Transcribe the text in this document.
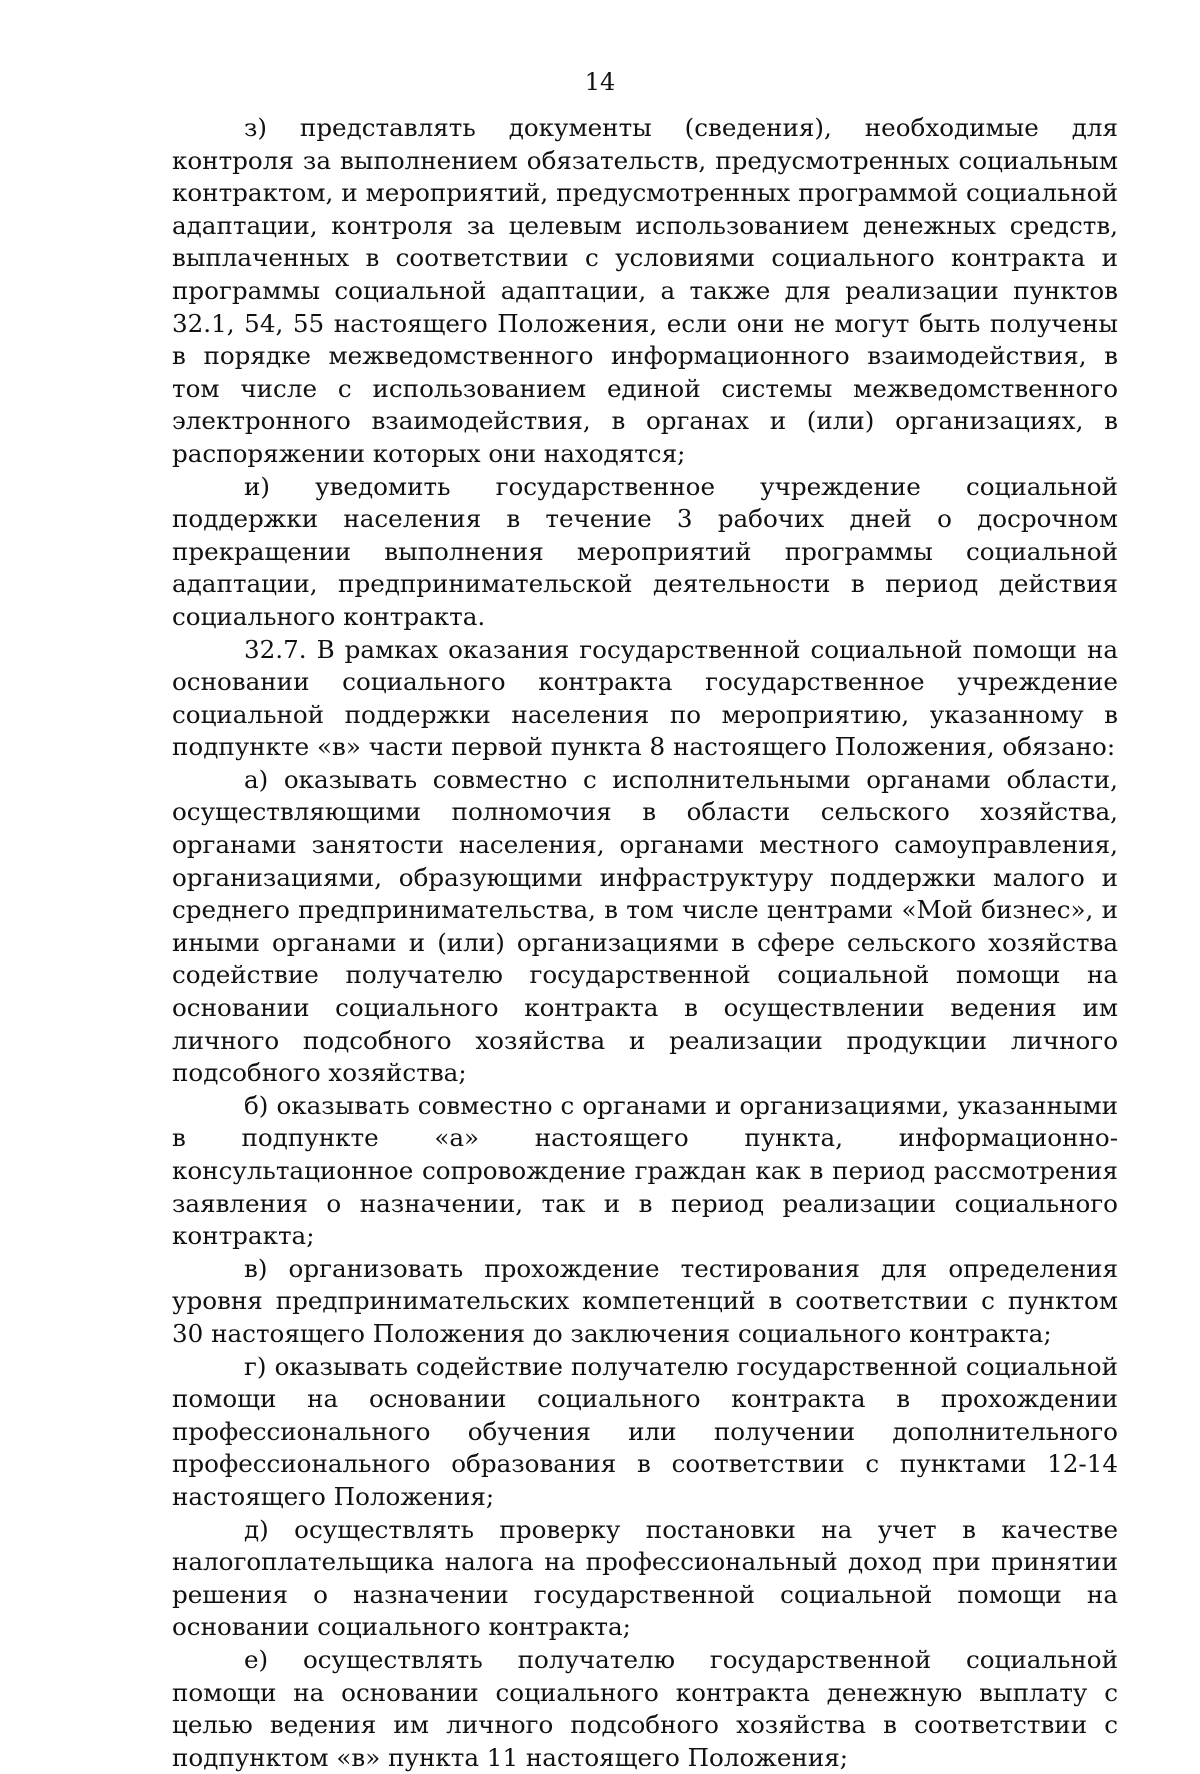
14

з) представлять документы (сведения), необходимые для контроля за выполнением обязательств, предусмотренных социальным контрактом, и мероприятий, предусмотренных программой социальной адаптации, контроля за целевым использованием денежных средств, выплаченных в соответствии с условиями социального контракта и программы социальной адаптации, а также для реализации пунктов 32.1, 54, 55 настоящего Положения, если они не могут быть получены в порядке межведомственного информационного взаимодействия, в том числе с использованием единой системы межведомственного электронного взаимодействия, в органах и (или) организациях, в распоряжении которых они находятся;

и) уведомить государственное учреждение социальной поддержки населения в течение 3 рабочих дней о досрочном прекращении выполнения мероприятий программы социальной адаптации, предпринимательской деятельности в период действия социального контракта.

32.7. В рамках оказания государственной социальной помощи на основании социального контракта государственное учреждение социальной поддержки населения по мероприятию, указанному в подпункте «в» части первой пункта 8 настоящего Положения, обязано:

а) оказывать совместно с исполнительными органами области, осуществляющими полномочия в области сельского хозяйства, органами занятости населения, органами местного самоуправления, организациями, образующими инфраструктуру поддержки малого и среднего предпринимательства, в том числе центрами «Мой бизнес», и иными органами и (или) организациями в сфере сельского хозяйства содействие получателю государственной социальной помощи на основании социального контракта в осуществлении ведения им личного подсобного хозяйства и реализации продукции личного подсобного хозяйства;

б) оказывать совместно с органами и организациями, указанными в подпункте «а» настоящего пункта, информационно-консультационное сопровождение граждан как в период рассмотрения заявления о назначении, так и в период реализации социального контракта;

в) организовать прохождение тестирования для определения уровня предпринимательских компетенций в соответствии с пунктом 30 настоящего Положения до заключения социального контракта;

г) оказывать содействие получателю государственной социальной помощи на основании социального контракта в прохождении профессионального обучения или получении дополнительного профессионального образования в соответствии с пунктами 12-14 настоящего Положения;

д) осуществлять проверку постановки на учет в качестве налогоплательщика налога на профессиональный доход при принятии решения о назначении государственной социальной помощи на основании социального контракта;

е) осуществлять получателю государственной социальной помощи на основании социального контракта денежную выплату с целью ведения им личного подсобного хозяйства в соответствии с подпунктом «в» пункта 11 настоящего Положения;
